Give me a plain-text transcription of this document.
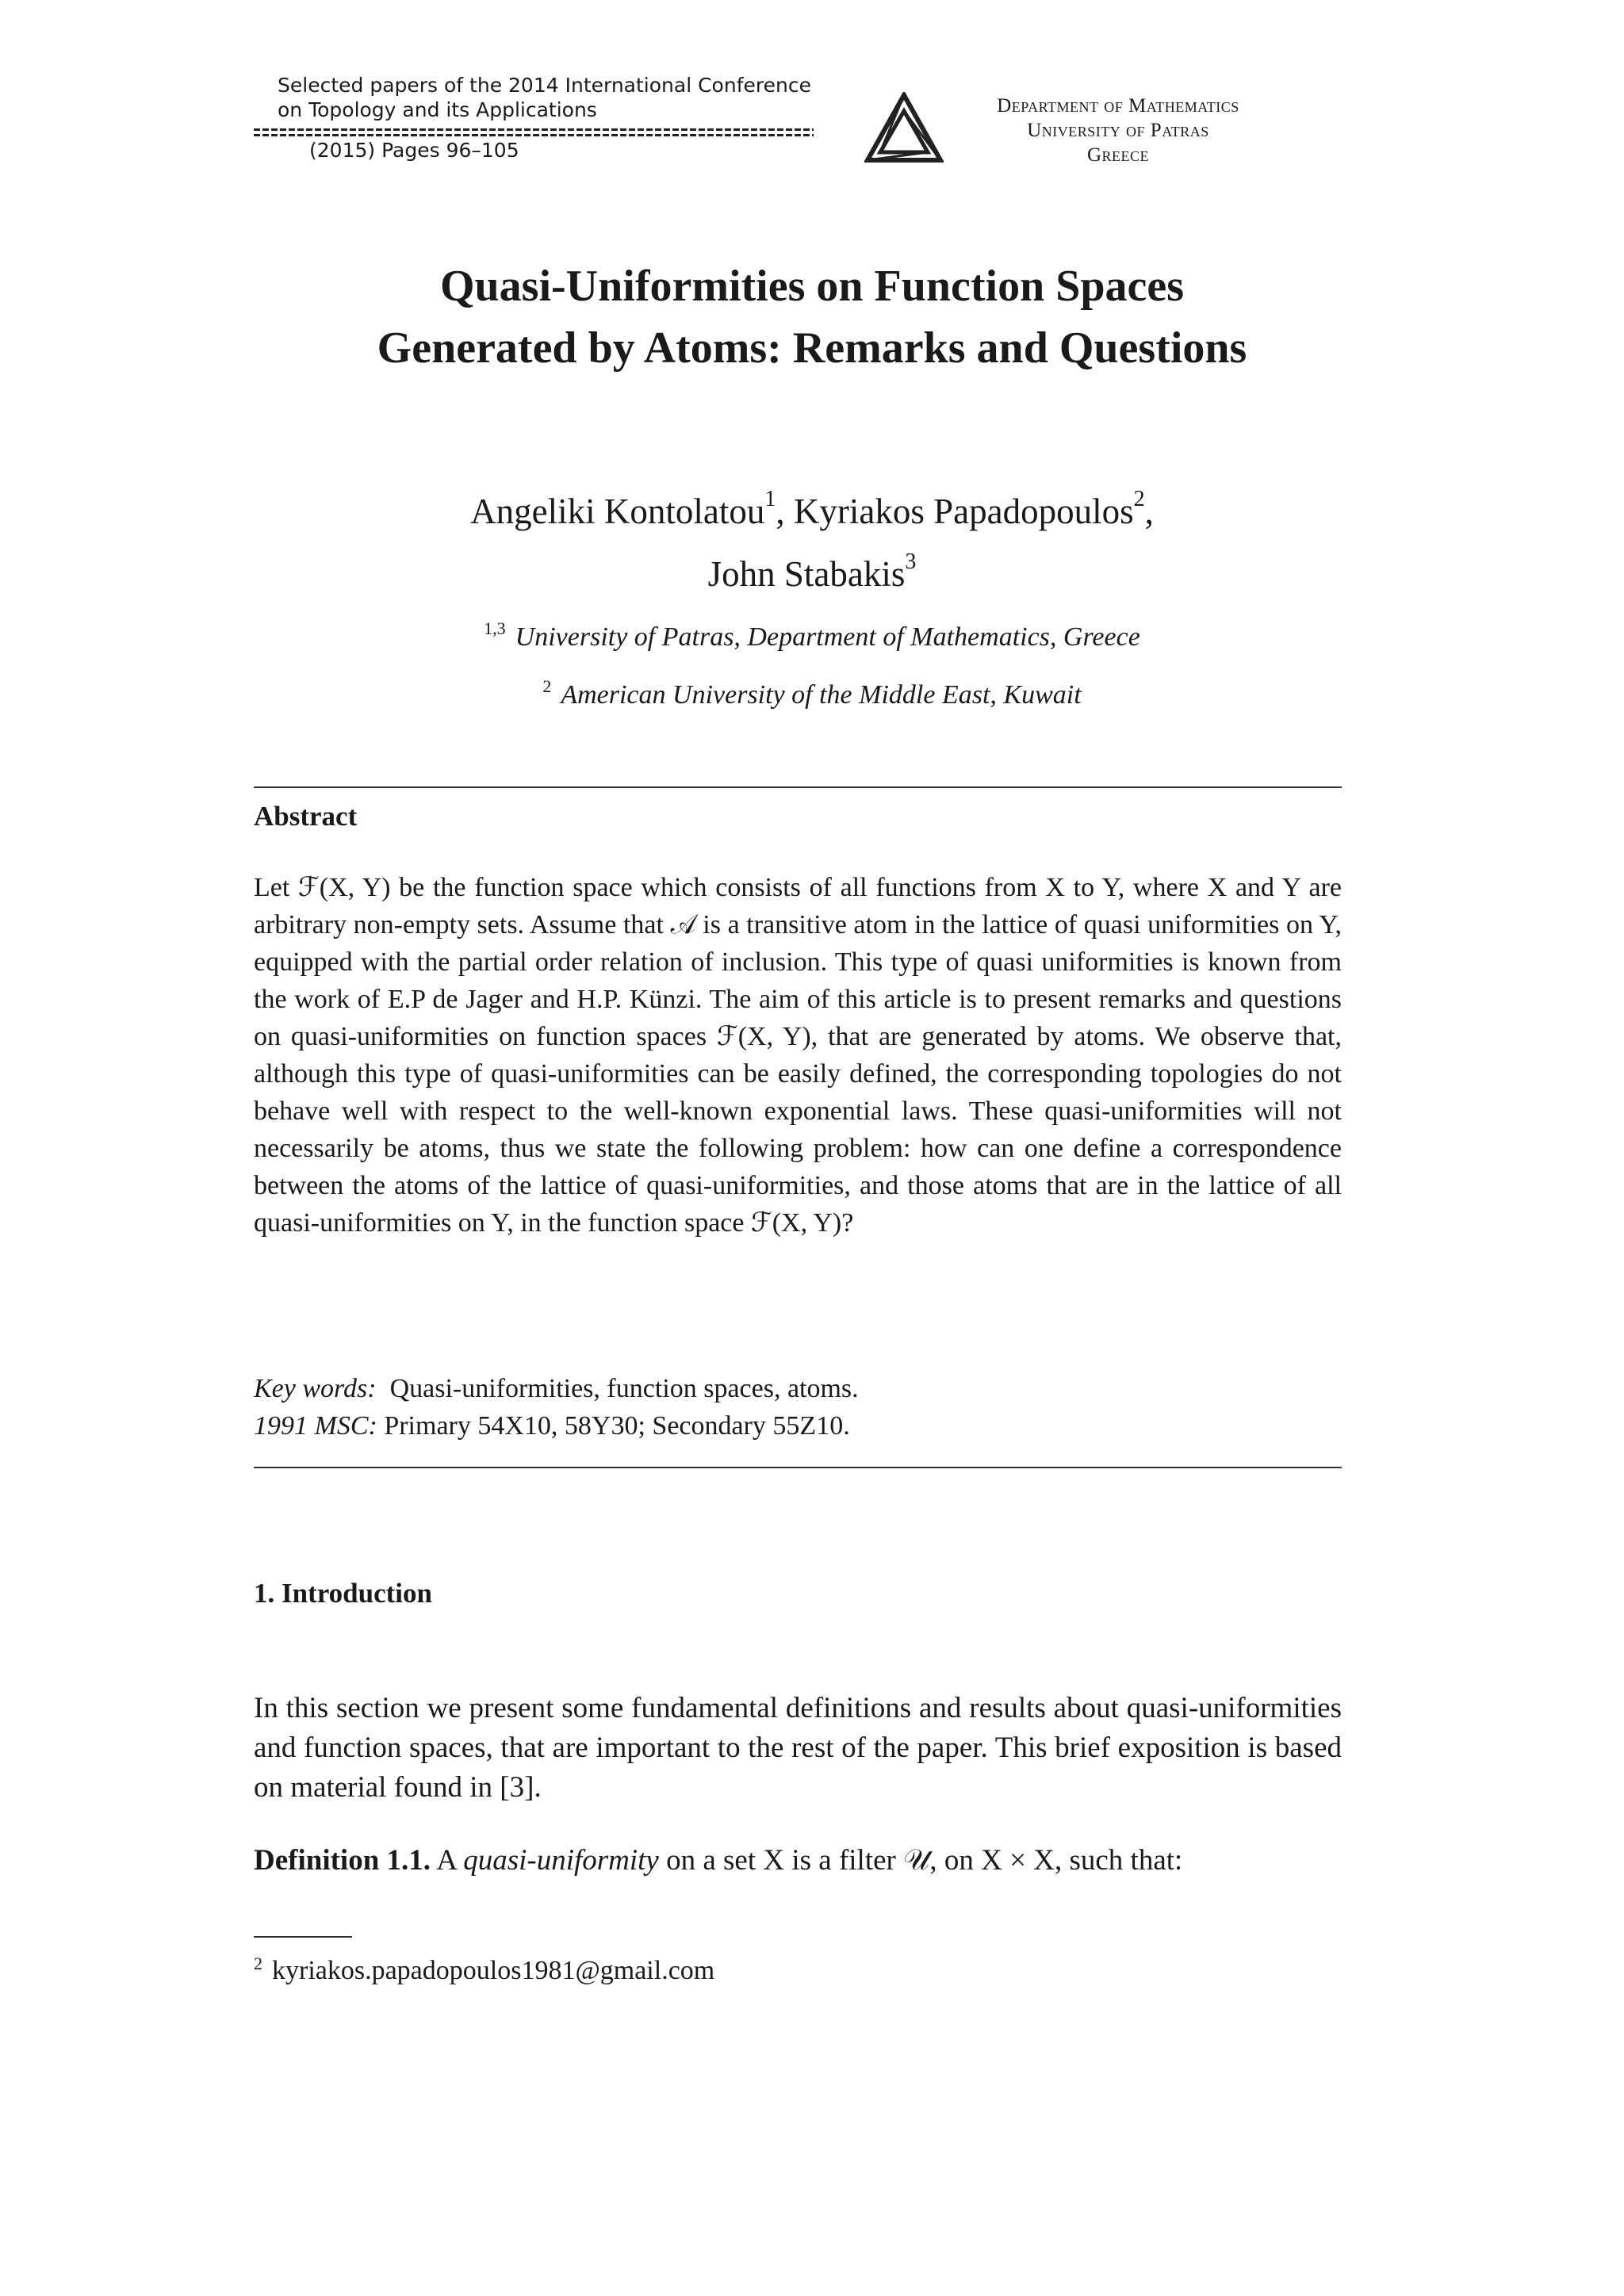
Selected papers of the 2014 International Conference
on Topology and its Applications
(2015) Pages 96–105
Department of Mathematics
University of Patras
Greece
Quasi-Uniformities on Function Spaces
Generated by Atoms: Remarks and Questions
Angeliki Kontolatou$^1$, Kyriakos Papadopoulos$^2$,
John Stabakis$^3$
$^{1,3}$ University of Patras, Department of Mathematics, Greece
$^2$ American University of the Middle East, Kuwait
Abstract
Let ℱ(X, Y) be the function space which consists of all functions from X to Y, where X and Y are arbitrary non-empty sets. Assume that 𝒜 is a transitive atom in the lattice of quasi uniformities on Y, equipped with the partial order relation of inclusion. This type of quasi uniformities is known from the work of E.P de Jager and H.P. Künzi. The aim of this article is to present remarks and questions on quasi-uniformities on function spaces ℱ(X, Y), that are generated by atoms. We observe that, although this type of quasi-uniformities can be easily defined, the corresponding topologies do not behave well with respect to the well-known exponential laws. These quasi-uniformities will not necessarily be atoms, thus we state the following problem: how can one define a correspondence between the atoms of the lattice of quasi-uniformities, and those atoms that are in the lattice of all quasi-uniformities on Y, in the function space ℱ(X, Y)?
Key words: Quasi-uniformities, function spaces, atoms.
1991 MSC: Primary 54X10, 58Y30; Secondary 55Z10.
1. Introduction
In this section we present some fundamental definitions and results about quasi-uniformities and function spaces, that are important to the rest of the paper. This brief exposition is based on material found in [3].
Definition 1.1. A quasi-uniformity on a set X is a filter 𝒰, on X × X, such that:
$^2$ kyriakos.papadopoulos1981@gmail.com
